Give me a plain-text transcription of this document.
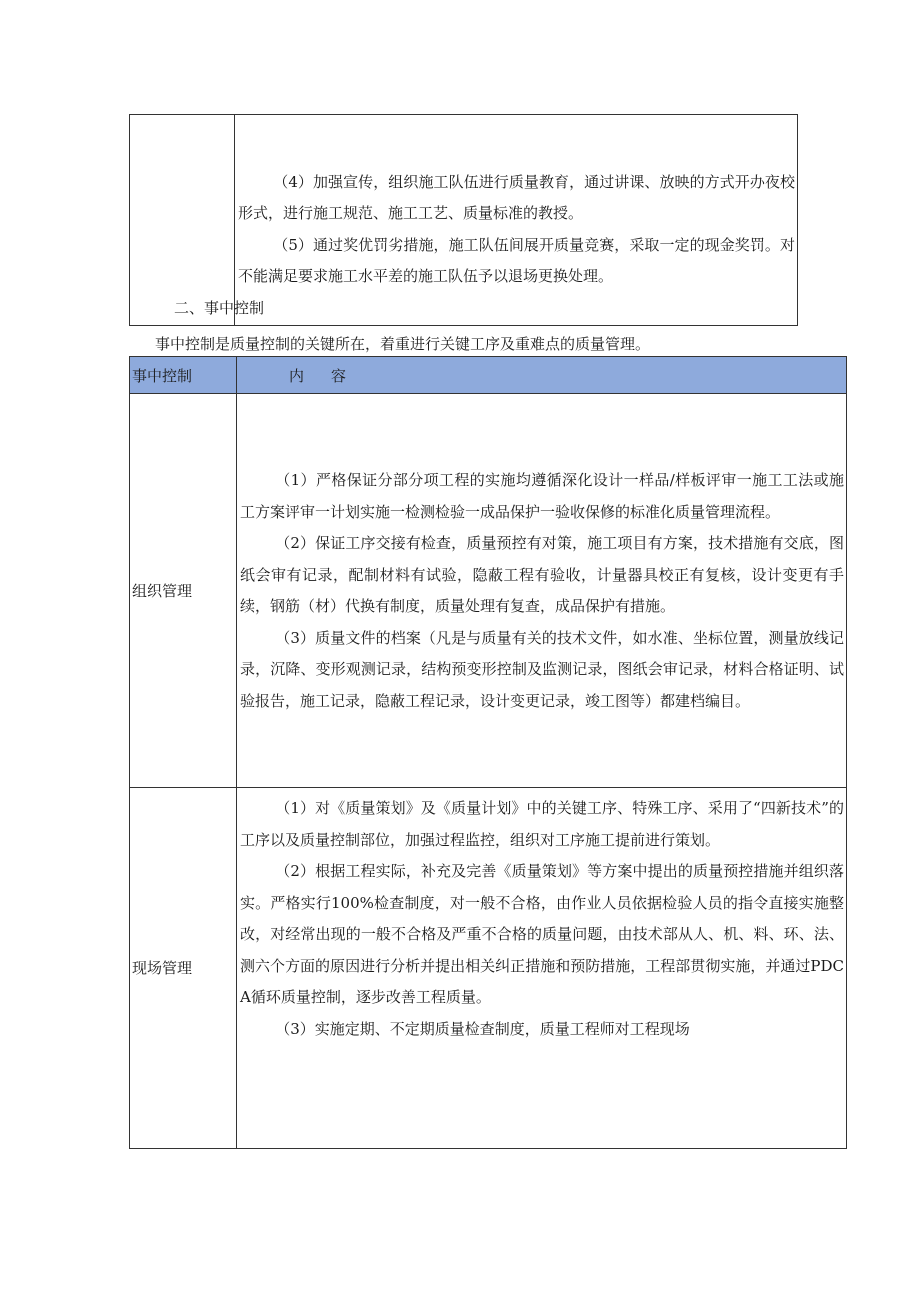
（4）加强宣传，组织施工队伍进行质量教育，通过讲课、放映的方式开办夜校形式，进行施工规范、施工工艺、质量标准的教授。

（5）通过奖优罚劣措施，施工队伍间展开质量竞赛，采取一定的现金奖罚。对不能满足要求施工水平差的施工队伍予以退场更换处理。

二、事中控制
事中控制是质量控制的关键所在，着重进行关键工序及重难点的质量管理。
事中控制	内容
组织管理	（1）严格保证分部分项工程的实施均遵循深化设计一样品/样板评审一施工工法或施工方案评审一计划实施一检测检验一成品保护一验收保修的标准化质量管理流程。

（2）保证工序交接有检查，质量预控有对策，施工项目有方案，技术措施有交底，图纸会审有记录，配制材料有试验，隐蔽工程有验收，计量器具校正有复核，设计变更有手续，钢筋（材）代换有制度，质量处理有复查，成品保护有措施。

（3）质量文件的档案（凡是与质量有关的技术文件，如水准、坐标位置，测量放线记录，沉降、变形观测记录，结构预变形控制及监测记录，图纸会审记录，材料合格证明、试验报告，施工记录，隐蔽工程记录，设计变更记录，竣工图等）都建档编目。

现场管理	（1）对《质量策划》及《质量计划》中的关键工序、特殊工序、采用了“四新技术”的工序以及质量控制部位，加强过程监控，组织对工序施工提前进行策划。

（2）根据工程实际，补充及完善《质量策划》等方案中提出的质量预控措施并组织落实。严格实行100%检查制度，对一般不合格，由作业人员依据检验人员的指令直接实施整改，对经常出现的一般不合格及严重不合格的质量问题，由技术部从人、机、料、环、法、测六个方面的原因进行分析并提出相关纠正措施和预防措施，工程部贯彻实施，并通过PDCA循环质量控制，逐步改善工程质量。

（3）实施定期、不定期质量检查制度，质量工程师对工程现场
